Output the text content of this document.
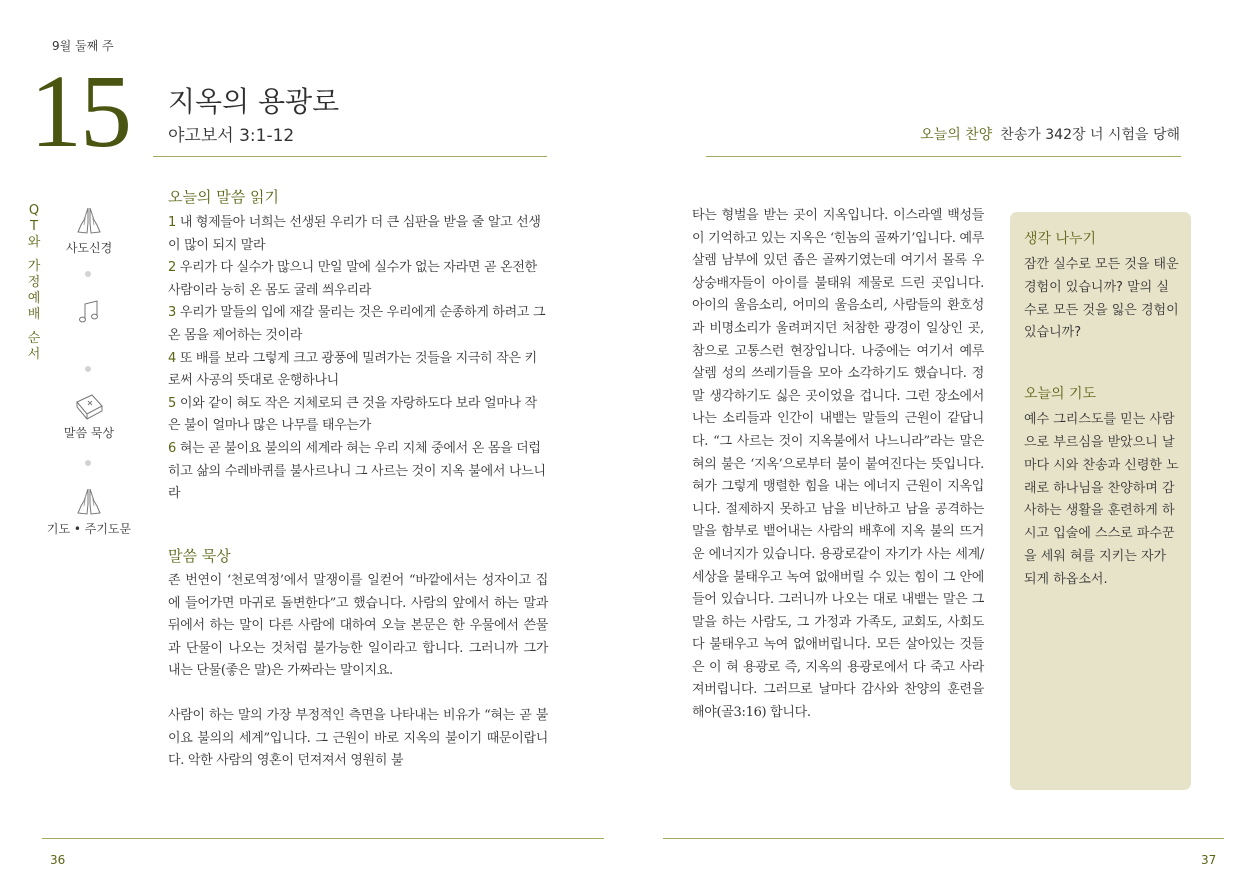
9월 둘째 주
15 지옥의 용광로
야고보서 3:1-12
Q
T
와
가
정
예
배
순
서
사도신경
말씀 묵상
기도 • 주기도문
오늘의 말씀 읽기
1 내 형제들아 너희는 선생된 우리가 더 큰 심판을 받을 줄 알고 선생이 많이 되지 말라
2 우리가 다 실수가 많으니 만일 말에 실수가 없는 자라면 곧 온전한 사람이라 능히 온 몸도 굴레 씌우리라
3 우리가 말들의 입에 재갈 물리는 것은 우리에게 순종하게 하려고 그 온 몸을 제어하는 것이라
4 또 배를 보라 그렇게 크고 광풍에 밀려가는 것들을 지극히 작은 키로써 사공의 뜻대로 운행하나니
5 이와 같이 혀도 작은 지체로되 큰 것을 자랑하도다 보라 얼마나 작은 불이 얼마나 많은 나무를 태우는가
6 혀는 곧 불이요 불의의 세계라 혀는 우리 지체 중에서 온 몸을 더럽히고 삶의 수레바퀴를 불사르나니 그 사르는 것이 지옥 불에서 나느니라
말씀 묵상

존 번연이 ‘천로역정’에서 말쟁이를 일컫어 “바깥에서는 성자이고 집에 들어가면 마귀로 돌변한다”고 했습니다. 사람의 앞에서 하는 말과 뒤에서 하는 말이 다른 사람에 대하여 오늘 본문은 한 우물에서 쓴물과 단물이 나오는 것처럼 불가능한 일이라고 합니다. 그러니까 그가 내는 단물(좋은 말)은 가짜라는 말이지요.

사람이 하는 말의 가장 부정적인 측면을 나타내는 비유가 “혀는 곧 불이요 불의의 세계”입니다. 그 근원이 바로 지옥의 불이기 때문이랍니다. 악한 사람의 영혼이 던져져서 영원히 불

36
오늘의 찬양 찬송가 342장 너 시험을 당해

타는 형벌을 받는 곳이 지옥입니다. 이스라엘 백성들이 기억하고 있는 지옥은 ‘힌놈의 골짜기’입니다. 예루살렘 남부에 있던 좁은 골짜기였는데 여기서 몰록 우상숭배자들이 아이를 불태워 제물로 드린 곳입니다. 아이의 울음소리, 어미의 울음소리, 사람들의 환호성과 비명소리가 울려퍼지던 처참한 광경이 일상인 곳, 참으로 고통스런 현장입니다. 나중에는 여기서 예루살렘 성의 쓰레기들을 모아 소각하기도 했습니다. 정말 생각하기도 싫은 곳이었을 겁니다. 그런 장소에서 나는 소리들과 인간이 내뱉는 말들의 근원이 같답니다. “그 사르는 것이 지옥불에서 나느니라”라는 말은 혀의 불은 ‘지옥’으로부터 불이 붙여진다는 뜻입니다. 혀가 그렇게 맹렬한 힘을 내는 에너지 근원이 지옥입니다. 절제하지 못하고 남을 비난하고 남을 공격하는 말을 함부로 뱉어내는 사람의 배후에 지옥 불의 뜨거운 에너지가 있습니다. 용광로같이 자기가 사는 세계/세상을 불태우고 녹여 없애버릴 수 있는 힘이 그 안에 들어 있습니다. 그러니까 나오는 대로 내뱉는 말은 그 말을 하는 사람도, 그 가정과 가족도, 교회도, 사회도 다 불태우고 녹여 없애버립니다. 모든 살아있는 것들은 이 혀 용광로 즉, 지옥의 용광로에서 다 죽고 사라져버립니다. 그러므로 날마다 감사와 찬양의 훈련을 해야(골3:16) 합니다.

생각 나누기

잠깐 실수로 모든 것을 태운 경험이 있습니까? 말의 실수로 모든 것을 잃은 경험이 있습니까?

오늘의 기도

예수 그리스도를 믿는 사람으로 부르심을 받았으니 날마다 시와 찬송과 신령한 노래로 하나님을 찬양하며 감사하는 생활을 훈련하게 하시고 입술에 스스로 파수꾼을 세워 혀를 지키는 자가 되게 하옵소서.

37
